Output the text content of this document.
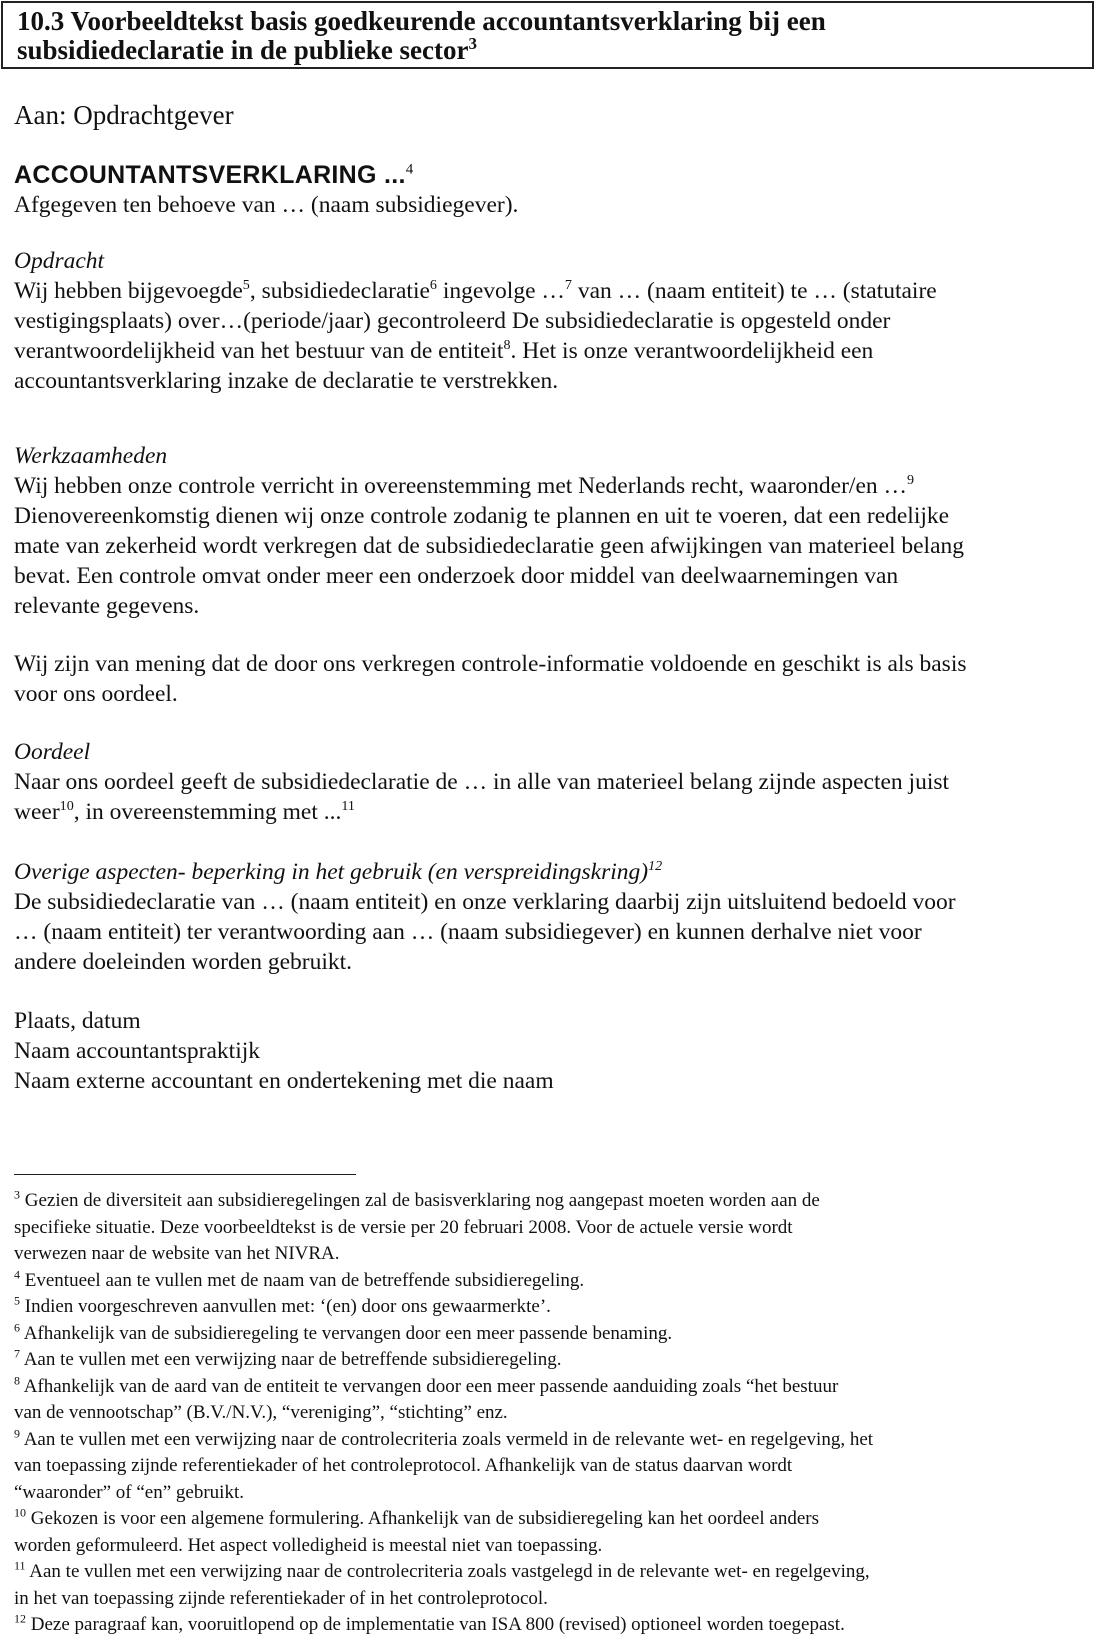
10.3 Voorbeeldtekst basis goedkeurende accountantsverklaring bij een
subsidiedeclaratie in de publieke sector$^3$
Aan: Opdrachtgever
ACCOUNTANTSVERKLARING ...$^4$

Afgegeven ten behoeve van … (naam subsidiegever).

Opdracht

Wij hebben bijgevoegde$^5$, subsidiedeclaratie$^6$ ingevolge …$^7$ van … (naam entiteit) te … (statutaire

vestigingsplaats) over…(periode/jaar) gecontroleerd De subsidiedeclaratie is opgesteld onder

verantwoordelijkheid van het bestuur van de entiteit$^8$. Het is onze verantwoordelijkheid een

accountantsverklaring inzake de declaratie te verstrekken.

Werkzaamheden

Wij hebben onze controle verricht in overeenstemming met Nederlands recht, waaronder/en …$^9$

Dienovereenkomstig dienen wij onze controle zodanig te plannen en uit te voeren, dat een redelijke

mate van zekerheid wordt verkregen dat de subsidiedeclaratie geen afwijkingen van materieel belang

bevat. Een controle omvat onder meer een onderzoek door middel van deelwaarnemingen van

relevante gegevens.

Wij zijn van mening dat de door ons verkregen controle-informatie voldoende en geschikt is als basis

voor ons oordeel.

Oordeel

Naar ons oordeel geeft de subsidiedeclaratie de … in alle van materieel belang zijnde aspecten juist

weer$^{10}$, in overeenstemming met ...$^{11}$

Overige aspecten- beperking in het gebruik (en verspreidingskring)$^{12}$

De subsidiedeclaratie van … (naam entiteit) en onze verklaring daarbij zijn uitsluitend bedoeld voor

… (naam entiteit) ter verantwoording aan … (naam subsidiegever) en kunnen derhalve niet voor

andere doeleinden worden gebruikt.

Plaats, datum

Naam accountantspraktijk

Naam externe accountant en ondertekening met die naam

$^3$ Gezien de diversiteit aan subsidieregelingen zal de basisverklaring nog aangepast moeten worden aan de

specifieke situatie. Deze voorbeeldtekst is de versie per 20 februari 2008. Voor de actuele versie wordt

verwezen naar de website van het NIVRA.

$^4$ Eventueel aan te vullen met de naam van de betreffende subsidieregeling.

$^5$ Indien voorgeschreven aanvullen met: ‘(en) door ons gewaarmerkte’.

$^6$ Afhankelijk van de subsidieregeling te vervangen door een meer passende benaming.

$^7$ Aan te vullen met een verwijzing naar de betreffende subsidieregeling.

$^8$ Afhankelijk van de aard van de entiteit te vervangen door een meer passende aanduiding zoals “het bestuur

van de vennootschap” (B.V./N.V.), “vereniging”, “stichting” enz.

$^9$ Aan te vullen met een verwijzing naar de controlecriteria zoals vermeld in de relevante wet- en regelgeving, het

van toepassing zijnde referentiekader of het controleprotocol. Afhankelijk van de status daarvan wordt

“waaronder” of “en” gebruikt.

$^{10}$ Gekozen is voor een algemene formulering. Afhankelijk van de subsidieregeling kan het oordeel anders

worden geformuleerd. Het aspect volledigheid is meestal niet van toepassing.

$^{11}$ Aan te vullen met een verwijzing naar de controlecriteria zoals vastgelegd in de relevante wet- en regelgeving,

in het van toepassing zijnde referentiekader of in het controleprotocol.

$^{12}$ Deze paragraaf kan, vooruitlopend op de implementatie van ISA 800 (revised) optioneel worden toegepast.
